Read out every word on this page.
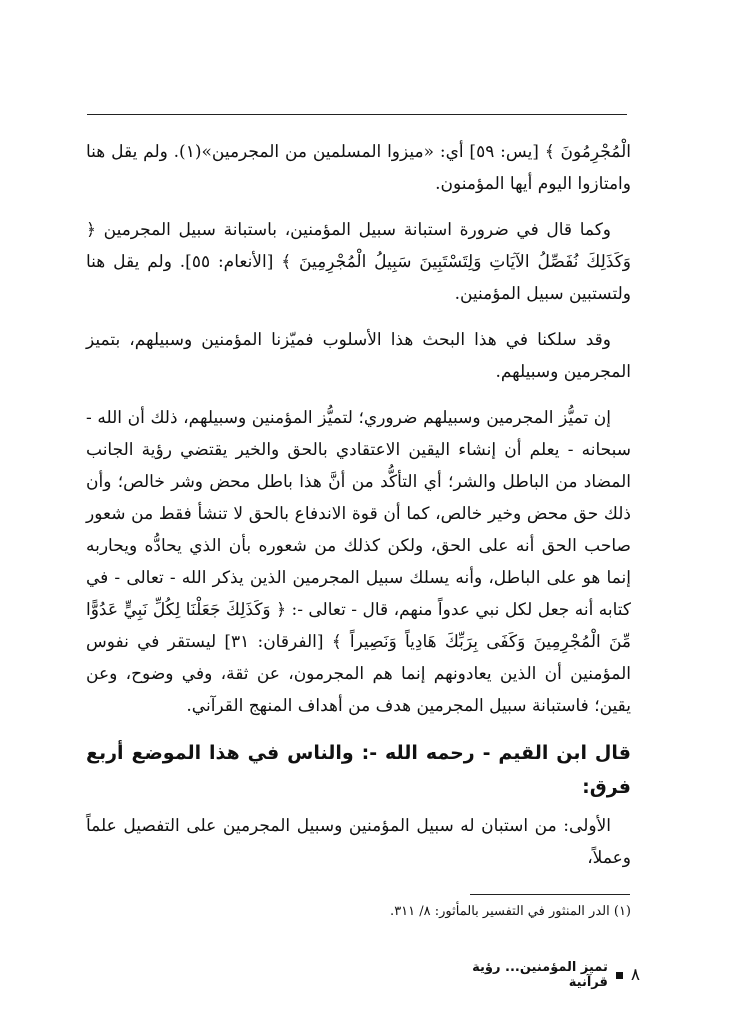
الْمُجْرِمُونَ ﴾ [يس: ٥٩] أي: «ميزوا المسلمين من المجرمين»(١). ولم يقل هنا وامتازوا اليوم أيها المؤمنون.

وكما قال في ضرورة استبانة سبيل المؤمنين، باستبانة سبيل المجرمين ﴿ وَكَذَلِكَ نُفَصِّلُ الآيَاتِ وَلِتَسْتَبِينَ سَبِيلُ الْمُجْرِمِينَ ﴾ [الأنعام: ٥٥]. ولم يقل هنا ولتستبين سبيل المؤمنين.

وقد سلكنا في هذا البحث هذا الأسلوب فميّزنا المؤمنين وسبيلهم، بتميز المجرمين وسبيلهم.

إن تميُّز المجرمين وسبيلهم ضروري؛ لتميُّز المؤمنين وسبيلهم، ذلك أن الله - سبحانه - يعلم أن إنشاء اليقين الاعتقادي بالحق والخير يقتضي رؤية الجانب المضاد من الباطل والشر؛ أي التأكُّد من أنَّ هذا باطل محض وشر خالص؛ وأن ذلك حق محض وخير خالص، كما أن قوة الاندفاع بالحق لا تنشأ فقط من شعور صاحب الحق أنه على الحق، ولكن كذلك من شعوره بأن الذي يحادُّه ويحاربه إنما هو على الباطل، وأنه يسلك سبيل المجرمين الذين يذكر الله - تعالى - في كتابه أنه جعل لكل نبي عدواً منهم، قال - تعالى -: ﴿ وَكَذَلِكَ جَعَلْنَا لِكُلِّ نَبِيٍّ عَدُوًّا مِّنَ الْمُجْرِمِينَ وَكَفَى بِرَبِّكَ هَادِياً وَنَصِيراً ﴾ [الفرقان: ٣١] ليستقر في نفوس المؤمنين أن الذين يعادونهم إنما هم المجرمون، عن ثقة، وفي وضوح، وعن يقين؛ فاستبانة سبيل المجرمين هدف من أهداف المنهج القرآني.

قال ابن القيم - رحمه الله -: والناس في هذا الموضع أربع فرق:

الأولى: من استبان له سبيل المؤمنين وسبيل المجرمين على التفصيل علماً وعملاً،

(١) الدر المنثور في التفسير بالمأثور: ٨/ ٣١١.
٨
تميز المؤمنين... رؤية قرآنية
